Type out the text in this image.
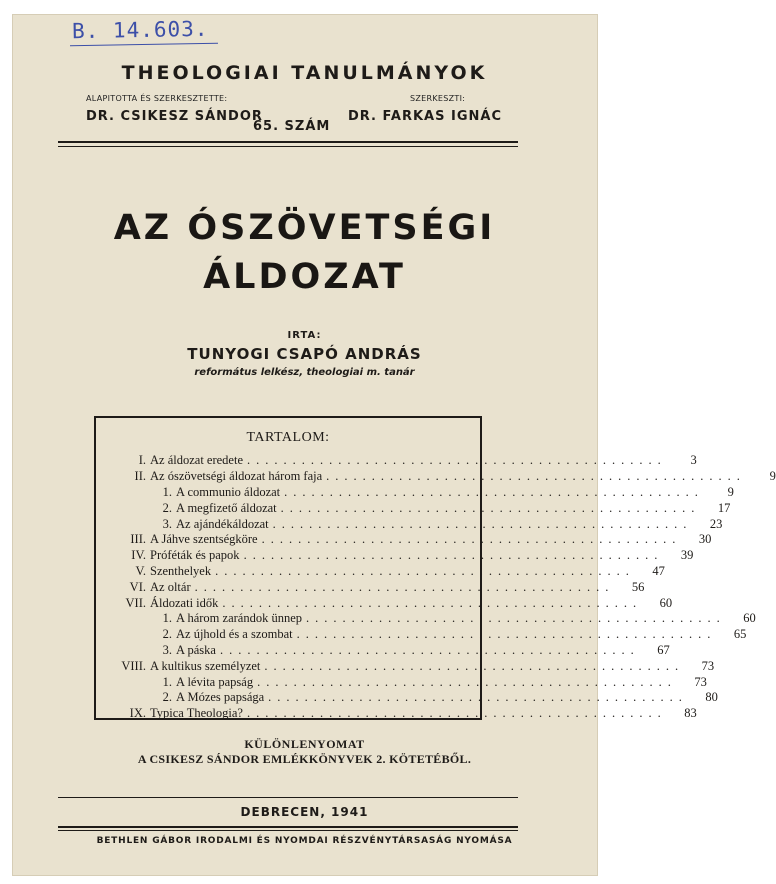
B. 14.603.
THEOLOGIAI TANULMÁNYOK
ALAPITOTTA ÉS SZERKESZTETTE:	SZERKESZTI:
DR. CSIKESZ SÁNDOR
65. SZÁM
DR. FARKAS IGNÁC
AZ ÓSZÖVETSÉGI
ÁLDOZAT
IRTA:
TUNYOGI CSAPÓ ANDRÁS
református lelkész, theologiai m. tanár
TARTALOM:
I. Az áldozat eredete ..............................................	3
II. Az ószövetségi áldozat három faja ..............................................	9
1. A communio áldozat ..............................................	9
2. A megfizető áldozat ..............................................	17
3. Az ajándékáldozat ..............................................	23
III. A Jáhve szentségköre ..............................................	30
IV. Próféták és papok ..............................................	39
V. Szenthelyek ..............................................	47
VI. Az oltár ..............................................	56
VII. Áldozati idők ..............................................	60
1. A három zarándok ünnep ..............................................	60
2. Az újhold és a szombat ..............................................	65
3. A páska ..............................................	67
VIII. A kultikus személyzet ..............................................	73
1. A lévita papság ..............................................	73
2. A Mózes papsága ..............................................	80
IX. Typica Theologia? ..............................................	83
KÜLÖNLENYOMAT
A CSIKESZ SÁNDOR EMLÉKKÖNYVEK 2. KÖTETÉBŐL.
DEBRECEN, 1941
BETHLEN GÁBOR IRODALMI ÉS NYOMDAI RÉSZVÉNYTÁRSASÁG NYOMÁSA
